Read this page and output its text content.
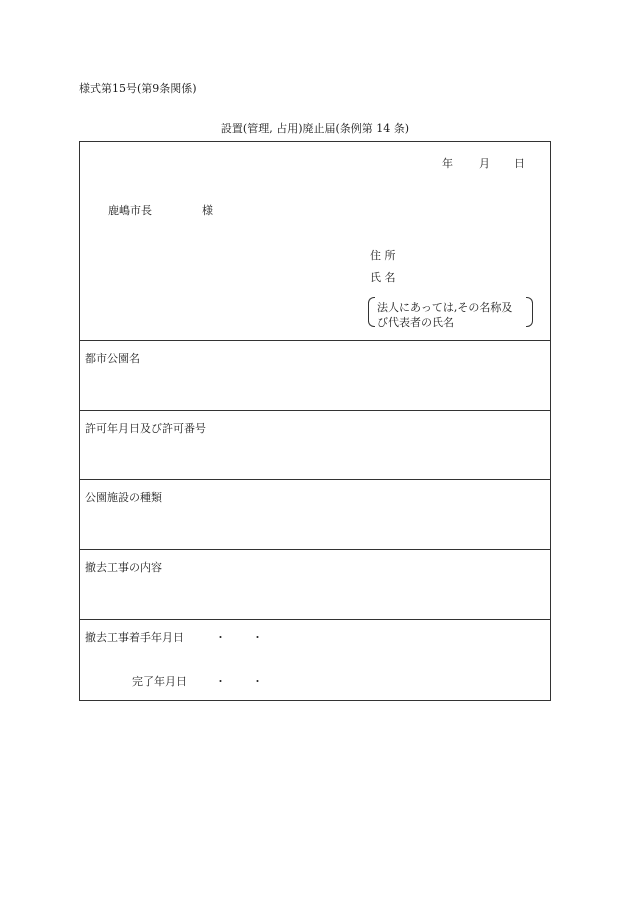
様式第15号(第9条関係)
設置(管理, 占用)廃止届(条例第 14 条)
年 月 日
鹿嶋市長	様
住 所
氏 名
法人にあっては,その名称及
び代表者の氏名
都市公園名
許可年月日及び許可番号
公園施設の種類
撤去工事の内容
撤去工事着手年月日	・ ・
完了年月日	・ ・
